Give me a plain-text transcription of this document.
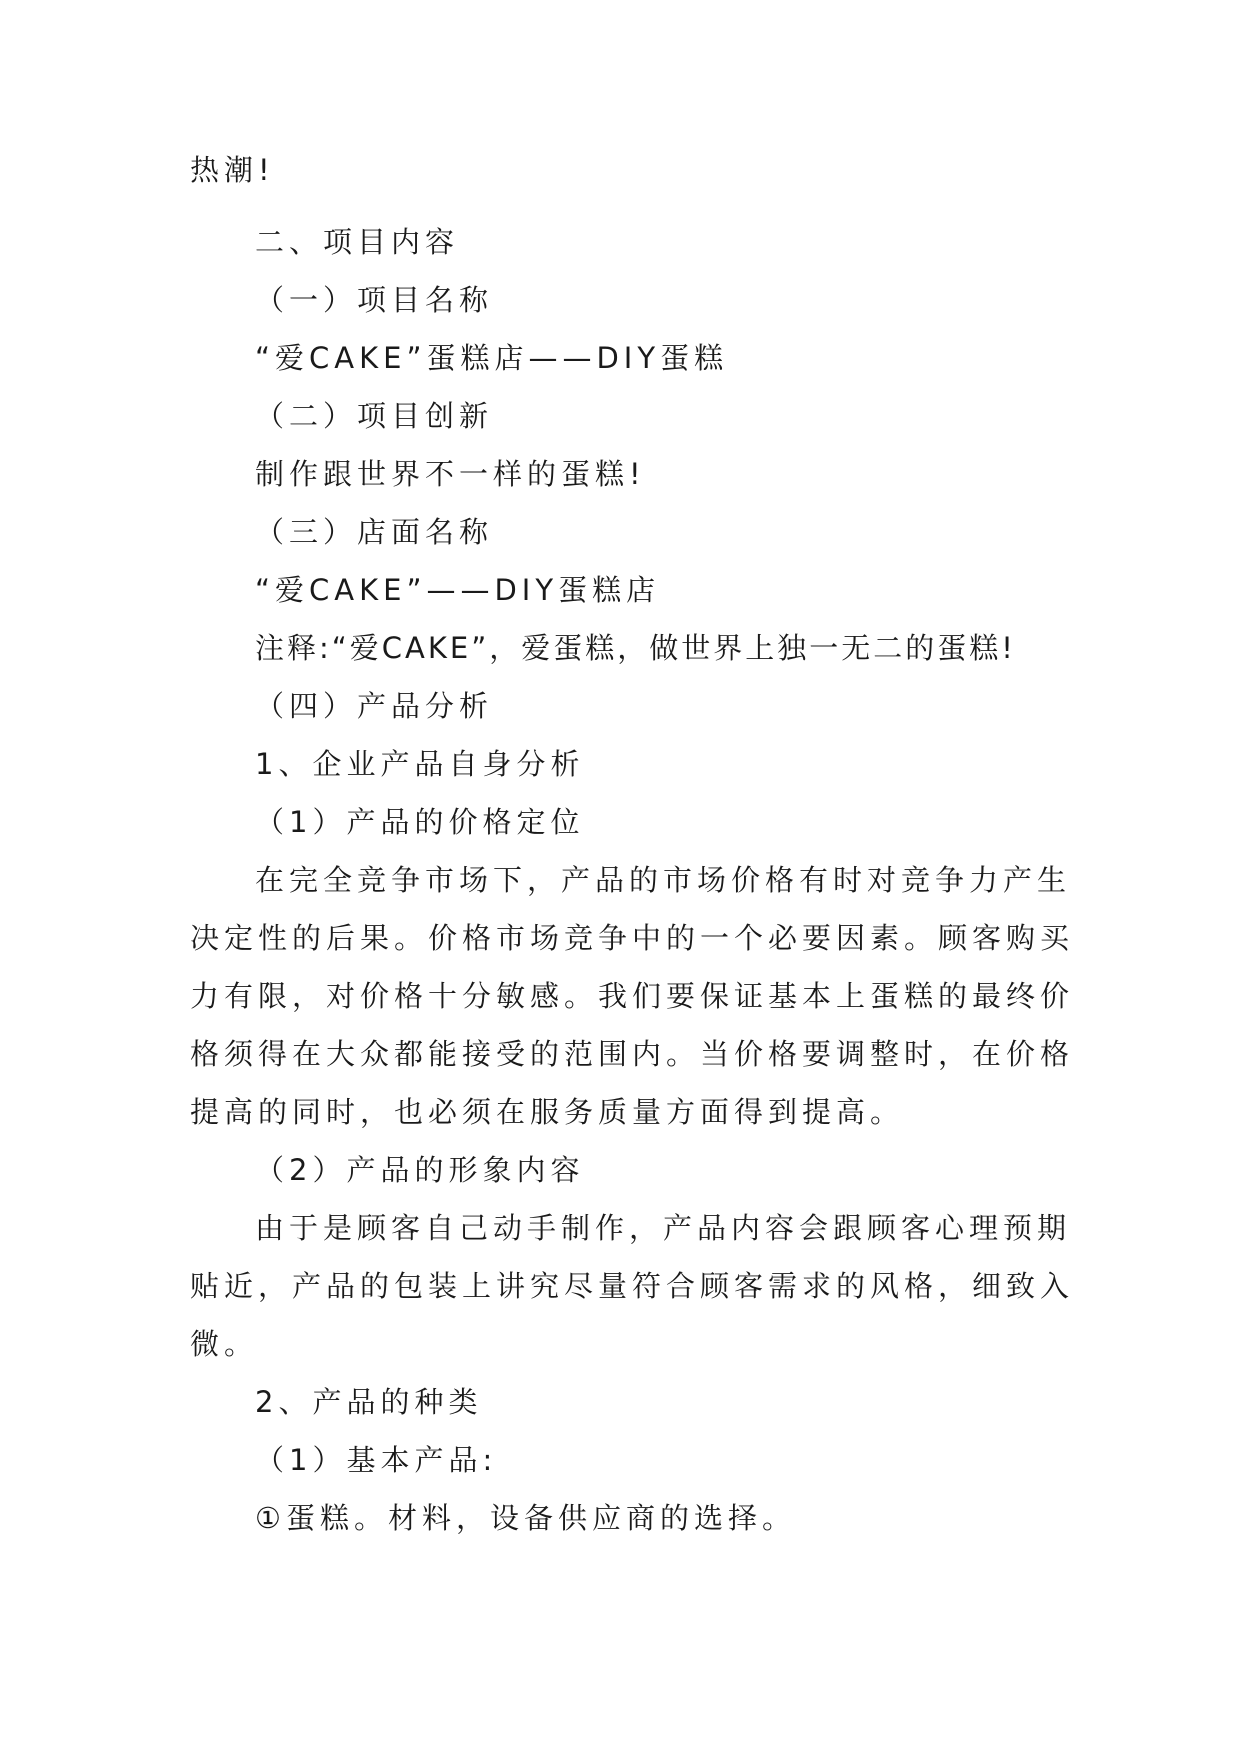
热潮!
二、项目内容
（一）项目名称
“爱CAKE”蛋糕店——DIY蛋糕
（二）项目创新
制作跟世界不一样的蛋糕!
（三）店面名称
“爱CAKE”——DIY蛋糕店
注释:“爱CAKE”，爱蛋糕，做世界上独一无二的蛋糕!
（四）产品分析
1、企业产品自身分析
（1）产品的价格定位
在完全竞争市场下，产品的市场价格有时对竞争力产生
决定性的后果。价格市场竞争中的一个必要因素。顾客购买
力有限，对价格十分敏感。我们要保证基本上蛋糕的最终价
格须得在大众都能接受的范围内。当价格要调整时，在价格
提高的同时，也必须在服务质量方面得到提高。
（2）产品的形象内容
由于是顾客自己动手制作，产品内容会跟顾客心理预期
贴近，产品的包装上讲究尽量符合顾客需求的风格，细致入
微。
2、产品的种类
（1）基本产品:
①蛋糕。材料，设备供应商的选择。
